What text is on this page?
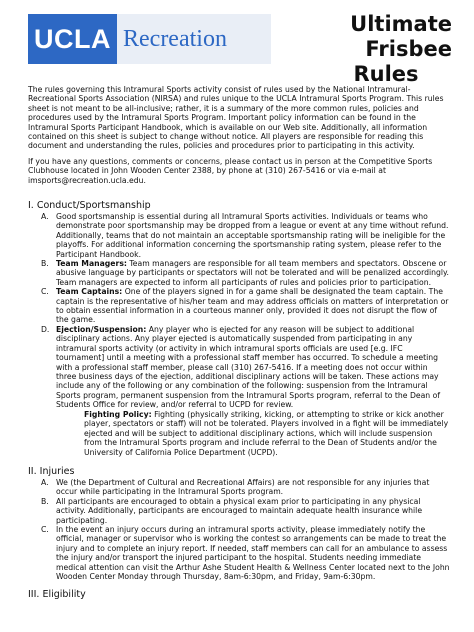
UCLA Recreation
Ultimate
Frisbee

Rules

The rules governing this Intramural Sports activity consist of rules used by the National Intramural-Recreational Sports Association (NIRSA) and rules unique to the UCLA Intramural Sports Program. This rules sheet is not meant to be all-inclusive; rather, it is a summary of the more common rules, policies and procedures used by the Intramural Sports Program. Important policy information can be found in the Intramural Sports Participant Handbook, which is available on our Web site. Additionally, all information contained on this sheet is subject to change without notice. All players are responsible for reading this document and understanding the rules, policies and procedures prior to participating in this activity.

If you have any questions, comments or concerns, please contact us in person at the Competitive Sports Clubhouse located in John Wooden Center 2388, by phone at (310) 267-5416 or via e-mail at imsports@recreation.ucla.edu.

I. Conduct/Sportsmanship
A. Good sportsmanship is essential during all Intramural Sports activities. Individuals or teams who demonstrate poor sportsmanship may be dropped from a league or event at any time without refund. Additionally, teams that do not maintain an acceptable sportsmanship rating will be ineligible for the playoffs. For additional information concerning the sportsmanship rating system, please refer to the Participant Handbook.
B. Team Managers: Team managers are responsible for all team members and spectators. Obscene or abusive language by participants or spectators will not be tolerated and will be penalized accordingly. Team managers are expected to inform all participants of rules and policies prior to participation.
C. Team Captains: One of the players signed in for a game shall be designated the team captain. The captain is the representative of his/her team and may address officials on matters of interpretation or to obtain essential information in a courteous manner only, provided it does not disrupt the flow of the game.
D. Ejection/Suspension: Any player who is ejected for any reason will be subject to additional disciplinary actions. Any player ejected is automatically suspended from participating in any intramural sports activity (or activity in which intramural sports officials are used [e.g. IFC tournament] until a meeting with a professional staff member has occurred. To schedule a meeting with a professional staff member, please call (310) 267-5416. If a meeting does not occur within three business days of the ejection, additional disciplinary actions will be taken. These actions may include any of the following or any combination of the following: suspension from the Intramural Sports program, permanent suspension from the Intramural Sports program, referral to the Dean of Students Office for review, and/or referral to UCPD for review.

Fighting Policy: Fighting (physically striking, kicking, or attempting to strike or kick another player, spectators or staff) will not be tolerated. Players involved in a fight will be immediately ejected and will be subject to additional disciplinary actions, which will include suspension from the Intramural Sports program and include referral to the Dean of Students and/or the University of California Police Department (UCPD).

II. Injuries
A. We (the Department of Cultural and Recreational Affairs) are not responsible for any injuries that occur while participating in the Intramural Sports program.
B. All participants are encouraged to obtain a physical exam prior to participating in any physical activity. Additionally, participants are encouraged to maintain adequate health insurance while participating.
C. In the event an injury occurs during an intramural sports activity, please immediately notify the official, manager or supervisor who is working the contest so arrangements can be made to treat the injury and to complete an injury report. If needed, staff members can call for an ambulance to assess the injury and/or transport the injured participant to the hospital. Students needing immediate medical attention can visit the Arthur Ashe Student Health & Wellness Center located next to the John Wooden Center Monday through Thursday, 8am-6:30pm, and Friday, 9am-6:30pm.
III. Eligibility
